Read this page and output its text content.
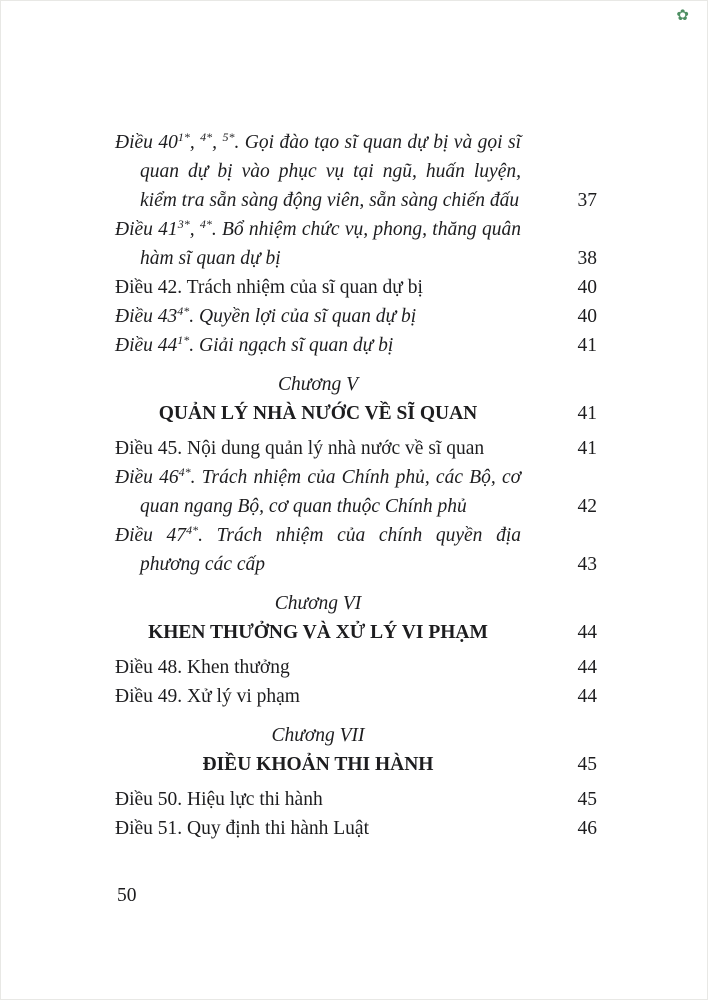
✿
Điều $40^{1*}$, $^{4*}$, $^{5*}$. Gọi đào tạo sĩ quan dự bị và gọi sĩ quan dự bị vào phục vụ tại ngũ, huấn luyện, kiểm tra sẵn sàng động viên, sẵn sàng chiến đấu	37
Điều $41^{3*}$, $^{4*}$. Bổ nhiệm chức vụ, phong, thăng quân hàm sĩ quan dự bị	38
Điều 42. Trách nhiệm của sĩ quan dự bị	40
Điều $43^{4*}$. Quyền lợi của sĩ quan dự bị	40
Điều $44^{1*}$. Giải ngạch sĩ quan dự bị	41
Chương V
QUẢN LÝ NHÀ NƯỚC VỀ SĨ QUAN	41
Điều 45. Nội dung quản lý nhà nước về sĩ quan	41
Điều $46^{4*}$. Trách nhiệm của Chính phủ, các Bộ, cơ quan ngang Bộ, cơ quan thuộc Chính phủ	42
Điều $47^{4*}$. Trách nhiệm của chính quyền địa phương các cấp	43
Chương VI
KHEN THƯỞNG VÀ XỬ LÝ VI PHẠM	44
Điều 48. Khen thưởng	44
Điều 49. Xử lý vi phạm	44
Chương VII
ĐIỀU KHOẢN THI HÀNH	45
Điều 50. Hiệu lực thi hành	45
Điều 51. Quy định thi hành Luật	46
50
